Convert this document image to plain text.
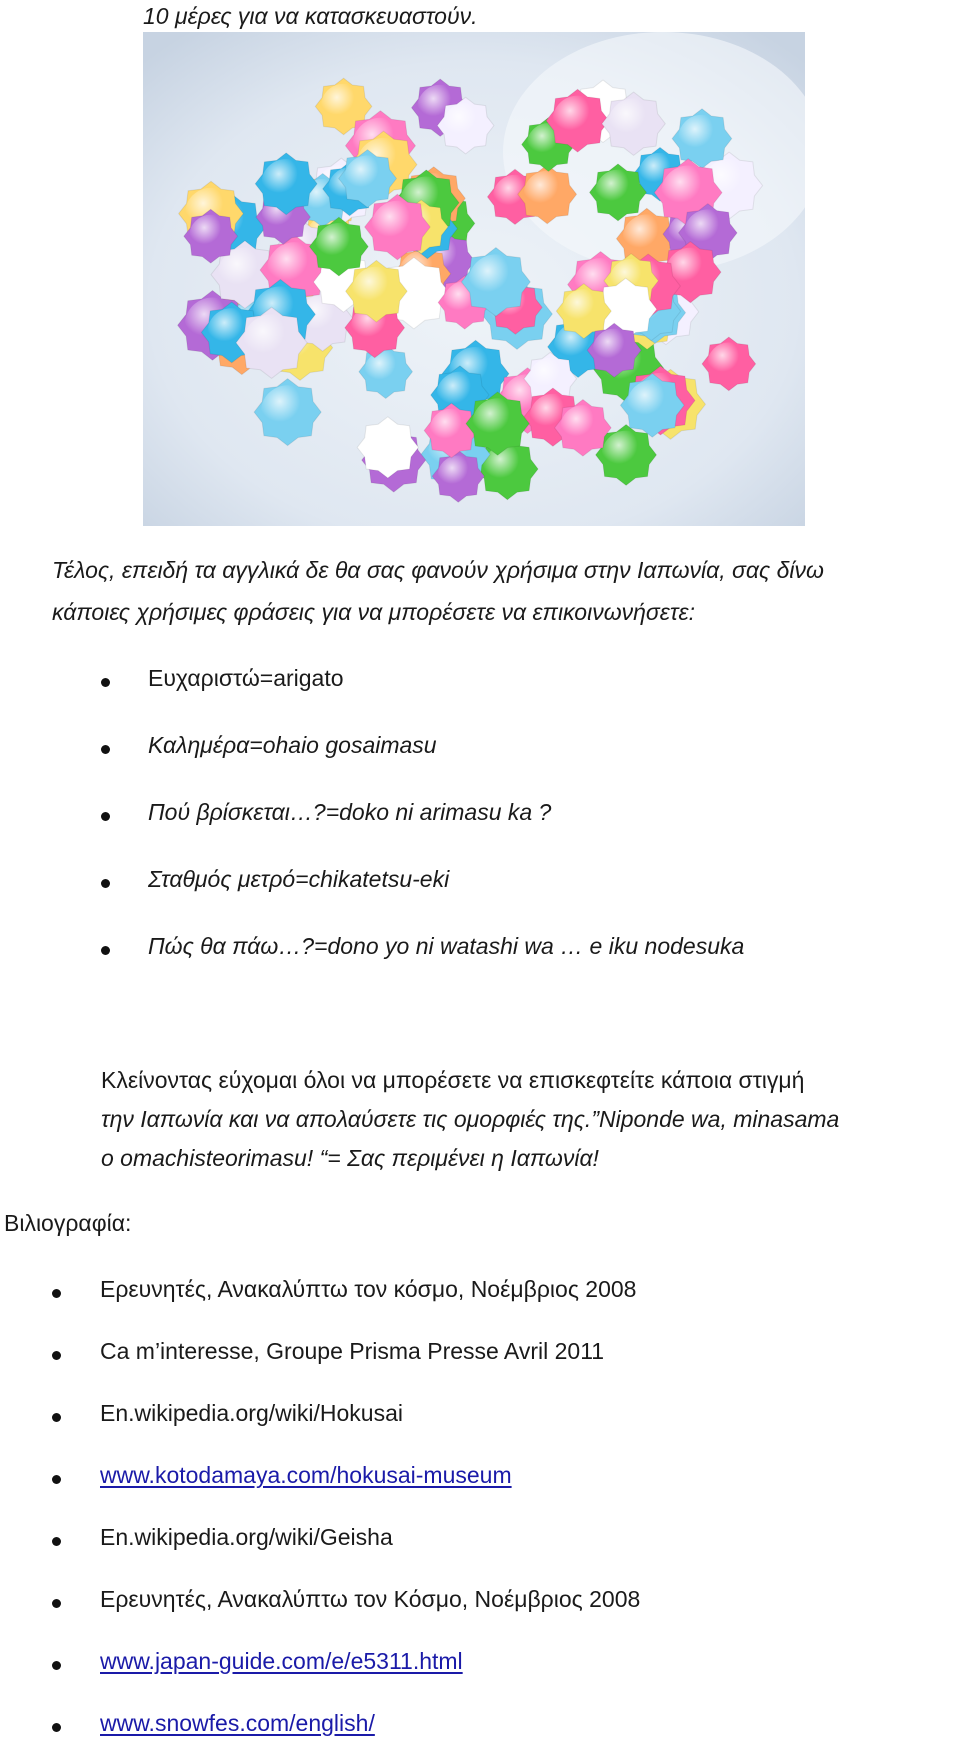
10 μέρες για να κατασκευαστούν.
Τέλος, επειδή τα αγγλικά δε θα σας φανούν χρήσιμα στην Ιαπωνία, σας δίνω
κάποιες χρήσιμες φράσεις για να μπορέσετε να επικοινωνήσετε:
Ευχαριστώ=arigato
Καλημέρα=ohaio gosaimasu
Πού βρίσκεται…?=doko ni arimasu ka ?
Σταθμός μετρό=chikatetsu-eki
Πώς θα πάω…?=dono yo ni watashi wa … e iku nodesuka
Κλείνοντας εύχομαι όλοι να μπορέσετε να επισκεφτείτε κάποια στιγμή
την Ιαπωνία και να απολαύσετε τις ομορφιές της.”Niponde wa, minasama
o omachisteorimasu! “= Σας περιμένει η Ιαπωνία!
Βιλιογραφία:
Ερευνητές, Ανακαλύπτω τον κόσμο, Νοέμβριος 2008
Ca m’interesse, Groupe Prisma Presse Avril 2011
En.wikipedia.org/wiki/Hokusai
www.kotodamaya.com/hokusai-museum
En.wikipedia.org/wiki/Geisha
Ερευνητές, Ανακαλύπτω τον Κόσμο, Νοέμβριος 2008
www.japan-guide.com/e/e5311.html
www.snowfes.com/english/
